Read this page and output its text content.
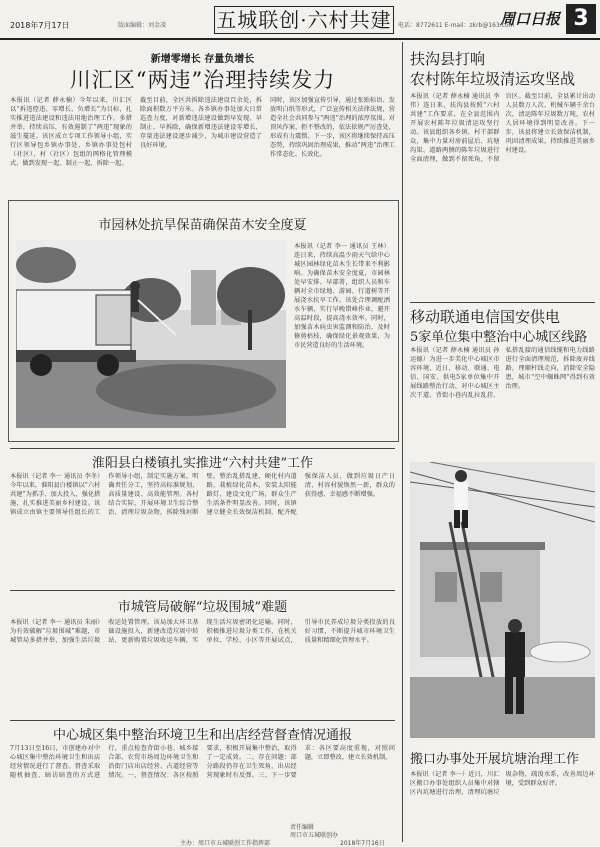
2018年7月17日	版面编辑：刘金凌	五城联创·六村共建	电话：8772611 E-mail：zkrb@163.com
周口日报 3
新增零增长 存量负增长
川汇区“两违”治理持续发力
本报讯（记者 薛永楠）今年以来，川汇区以“拆违控违、零增长、负增长”为目标，扎实推进违法建设和违法用地治理工作，多措并举，持续高压，有效遏制了“两违”现象的滋生蔓延。该区成立专项工作领导小组，实行区领导包乡镇办事处、乡镇办事处包村（社区）、村（社区）包组的网格化管理模式，做到发现一起、制止一起、拆除一起。
截至目前，全区共拆除违法建设百余处，拆除面积数万平方米。各乡镇办事处加大日常巡查力度，对新增违法建设做到早发现、早制止、早拆除，确保新增违法建设零增长，存量违法建设逐步减少，为城市建设营造了良好环境。
同时，该区加强宣传引导，通过张贴标语、发放明白纸等形式，广泛宣传相关法律法规，营造全社会共同参与“两违”治理的浓厚氛围。对顶风作案、拒不整改的，依法依规严厉查处，形成有力震慑。下一步，该区将继续保持高压态势，持续巩固治理成果，推动“两违”治理工作常态化、长效化。
市园林处抗旱保苗确保苗木安全度夏
本报讯（记者 李一 通讯员 王林）连日来，持续高温少雨天气给中心城区园林绿化苗木生长带来不利影响。为确保苗木安全度夏，市园林处早安排、早部署，组织人员和车辆对全市绿地、游园、行道树等开展浇水抗旱工作。该处合理调配洒水车辆，实行早晚错峰作业，避开高温时段，提高浇水效率。同时，加强苗木病虫害监测和防治，及时修剪枯枝，确保绿化景观效果，为市民营造良好的生活环境。
淮阳县白楼镇扎实推进“六村共建”工作
本报讯（记者 李一 通讯员 李冬）今年以来，淮阳县白楼镇以“六村共建”为抓手，加大投入，强化措施，扎实推进美丽乡村建设。该镇成立由镇主要领导任组长的工作领导小组，制定实施方案，明确责任分工，坚持高标准规划、高质量建设、高效能管理。各村结合实际，开展环境卫生综合整治，清理垃圾杂物，拆除残垣断壁，整治乱搭乱建，硬化村内道路，栽植绿化苗木，安装太阳能路灯，建设文化广场，群众生产生活条件明显改善。同时，该镇建立健全长效保洁机制，配齐配强保洁人员，做到垃圾日产日清，村容村貌焕然一新，群众的获得感、幸福感不断增强。
市城管局破解“垃圾围城”难题
本报讯（记者 李一 通讯员 朱丽）为有效破解“垃圾围城”难题，市城管局多措并举，加强生活垃圾收运处置管理。该局加大环卫基础设施投入，新建改造垃圾中转站，更新购置垃圾收运车辆，实现生活垃圾密闭化运输。同时，积极推进垃圾分类工作，在机关单位、学校、小区等开展试点，引导市民养成垃圾分类投放的良好习惯，不断提升城市环境卫生质量和精细化管理水平。
中心城区集中整治环境卫生和出店经营督查情况通报
7月13日至16日，市创建办对中心城区集中整治环境卫生和出店经营情况进行了督查。督查采取随机抽查、暗访暗查的方式进行，重点检查背街小巷、城乡接合部、农贸市场周边环境卫生和沿街门店出店经营、占道经营等情况。一、督查情况：各区按照要求，积极开展集中整治，取得了一定成效。二、存在问题：部分路段仍存在卫生死角，出店经营现象时有反弹。三、下一步要求：各区要高度重视，对照问题，立即整改，建立长效机制。
责任编辑
周口市五城联创办
2018年7月16日
主办：周口市五城联创工作指挥部
扶沟县打响
农村陈年垃圾清运攻坚战
本报讯（记者 薛永楠 通讯员 李伟）连日来，扶沟县按照“六村共建”工作要求，在全县范围内开展农村陈年垃圾清运攻坚行动。该县组织各乡镇、村干部群众，集中力量对房前屋后、坑塘沟渠、道路两侧的陈年垃圾进行全面清理，做到不留死角、不留盲区。截至目前，全县累计出动人员数万人次、机械车辆千余台次，清运陈年垃圾数万吨，农村人居环境得到明显改善。下一步，该县将建立长效保洁机制，巩固清理成果，持续推进美丽乡村建设。
移动联通电信国安供电
5家单位集中整治中心城区线路
本报讯（记者 薛永楠 通讯员 孙运德）为进一步美化中心城区市容环境，近日，移动、联通、电信、国安、供电5家单位集中开展线路整治行动，对中心城区主次干道、背街小巷内乱拉乱挂、私搭乱接的通信线缆和电力线路进行全面清理规范，拆除废弃线路，理顺杆线走向，消除安全隐患，城市“空中蜘蛛网”得到有效治理。
搬口办事处开展坑塘治理工作
本报讯（记者 李一）近日，川汇区搬口办事处组织人员集中对辖区内坑塘进行治理，清理坑塘垃圾杂物，疏浚水系，改善周边环境，受到群众好评。
